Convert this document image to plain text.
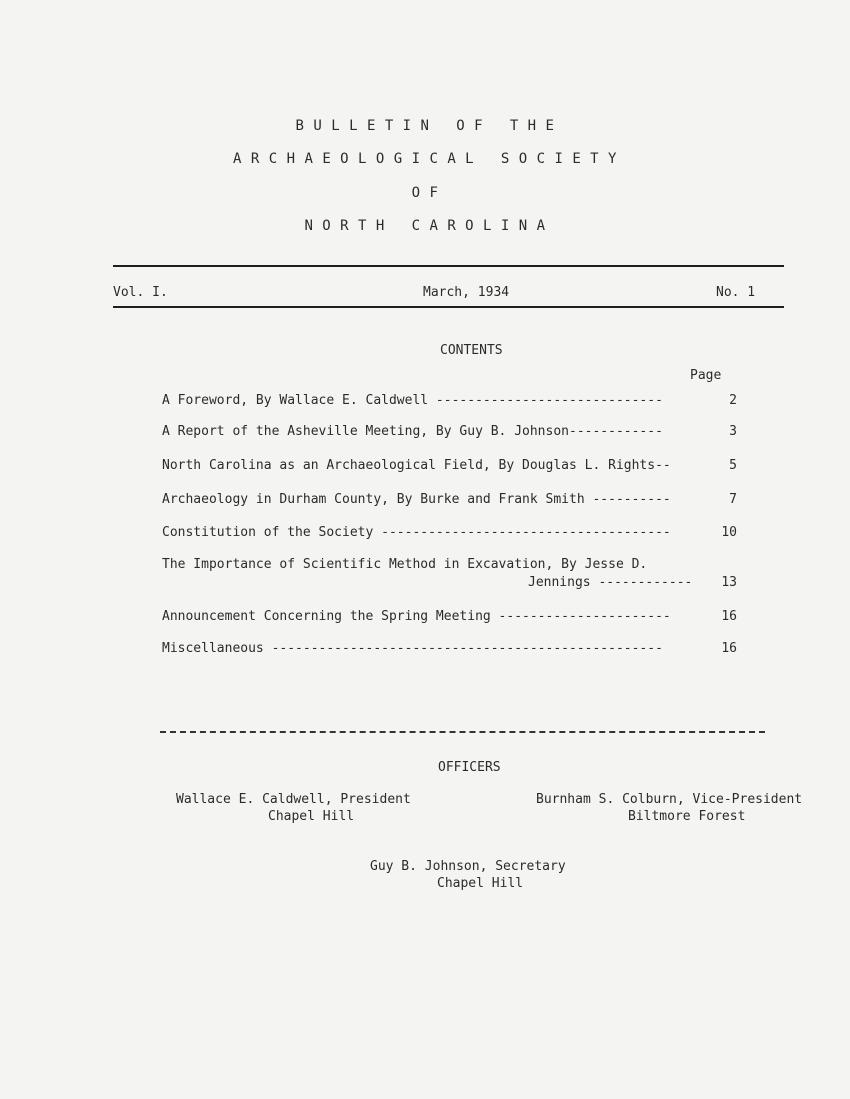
B U L L E T I N   O F   T H E
A R C H A E O L O G I C A L   S O C I E T Y
O F
N O R T H   C A R O L I N A
Vol. I.	March, 1934	No. 1
CONTENTS
Page
A Foreword, By Wallace E. Caldwell -----------------------------	2
A Report of the Asheville Meeting, By Guy B. Johnson------------	3
North Carolina as an Archaeological Field, By Douglas L. Rights--	5
Archaeology in Durham County, By Burke and Frank Smith ----------	7
Constitution of the Society -------------------------------------	10
The Importance of Scientific Method in Excavation, By Jesse D.
Jennings ------------ 13
Announcement Concerning the Spring Meeting ----------------------	16
Miscellaneous --------------------------------------------------	16
OFFICERS
Wallace E. Caldwell, President
Chapel Hill
Burnham S. Colburn, Vice-President
Biltmore Forest
Guy B. Johnson, Secretary
Chapel Hill
